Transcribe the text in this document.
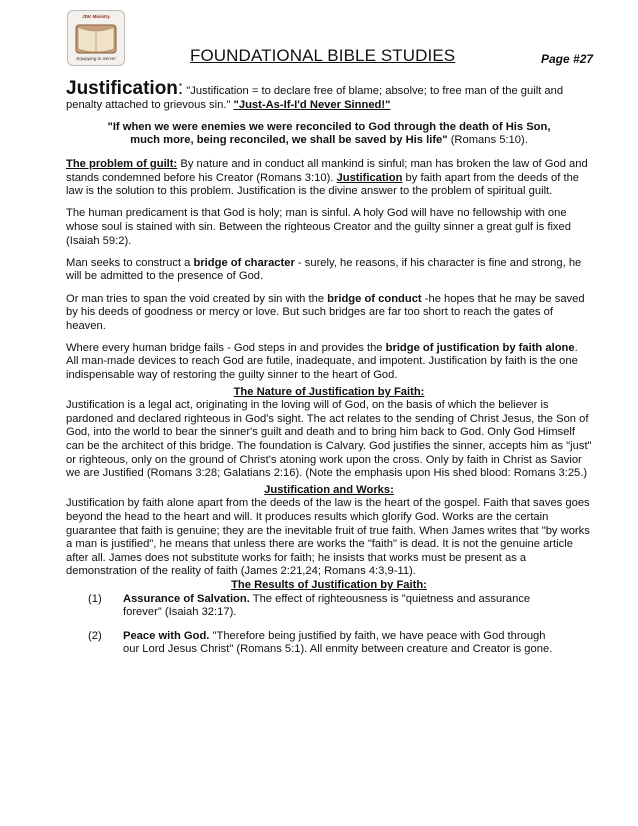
JDK Ministry
Equipping to Serve!	FOUNDATIONAL BIBLE STUDIES	Page #27

Justification: "Justification = to declare free of blame; absolve; to free man of the guilt and penalty attached to grievous sin." "Just-As-If-I'd Never Sinned!"

"If when we were enemies we were reconciled to God through the death of His Son, much more, being reconciled, we shall be saved by His life" (Romans 5:10).

The problem of guilt: By nature and in conduct all mankind is sinful; man has broken the law of God and stands condemned before his Creator (Romans 3:10). Justification by faith apart from the deeds of the law is the solution to this problem. Justification is the divine answer to the problem of spiritual guilt.

The human predicament is that God is holy; man is sinful. A holy God will have no fellowship with one whose soul is stained with sin. Between the righteous Creator and the guilty sinner a great gulf is fixed (Isaiah 59:2).

Man seeks to construct a bridge of character - surely, he reasons, if his character is fine and strong, he will be admitted to the presence of God.

Or man tries to span the void created by sin with the bridge of conduct -he hopes that he may be saved by his deeds of goodness or mercy or love. But such bridges are far too short to reach the gates of heaven.

Where every human bridge fails - God steps in and provides the bridge of justification by faith alone. All man-made devices to reach God are futile, inadequate, and impotent. Justification by faith is the one indispensable way of restoring the guilty sinner to the heart of God.

The Nature of Justification by Faith:

Justification is a legal act, originating in the loving will of God, on the basis of which the believer is pardoned and declared righteous in God's sight. The act relates to the sending of Christ Jesus, the Son of God, into the world to bear the sinner's guilt and death and to bring him back to God. Only God Himself can be the architect of this bridge. The foundation is Calvary. God justifies the sinner, accepts him as "just" or righteous, only on the ground of Christ's atoning work upon the cross. Only by faith in Christ as Savior we are Justified (Romans 3:28; Galatians 2:16). (Note the emphasis upon His shed blood: Romans 3:25.)

Justification and Works:

Justification by faith alone apart from the deeds of the law is the heart of the gospel. Faith that saves goes beyond the head to the heart and will. It produces results which glorify God. Works are the certain guarantee that faith is genuine; they are the inevitable fruit of true faith. When James writes that "by works a man is justified", he means that unless there are works the "faith" is dead. It is not the genuine article after all. James does not substitute works for faith; he insists that works must be present as a demonstration of the reality of faith (James 2:21,24; Romans 4:3,9-11).

The Results of Justification by Faith:

(1) Assurance of Salvation. The effect of righteousness is "quietness and assurance forever" (Isaiah 32:17).
(2) Peace with God. "Therefore being justified by faith, we have peace with God through our Lord Jesus Christ" (Romans 5:1). All enmity between creature and Creator is gone.
